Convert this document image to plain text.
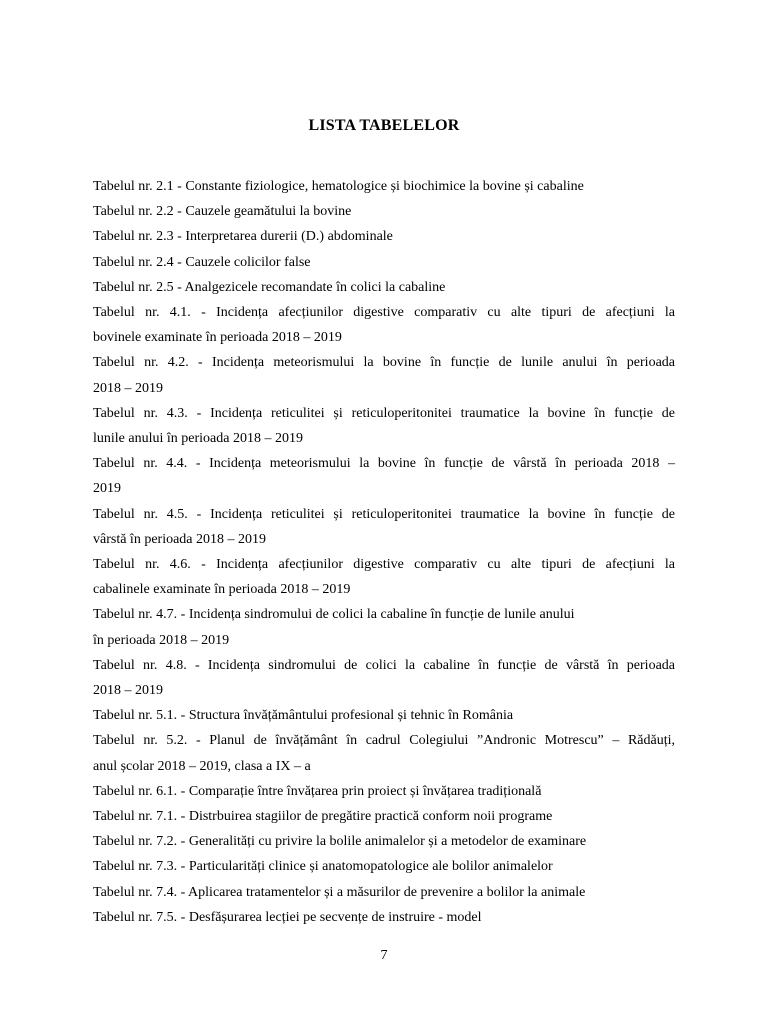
LISTA TABELELOR
Tabelul nr. 2.1 - Constante fiziologice, hematologice și biochimice la bovine și cabaline
Tabelul nr. 2.2 - Cauzele geamătului la bovine
Tabelul nr. 2.3 - Interpretarea durerii (D.) abdominale
Tabelul nr. 2.4 - Cauzele colicilor false
Tabelul nr. 2.5 - Analgezicele recomandate în colici la cabaline
Tabelul nr. 4.1. - Incidența afecțiunilor digestive comparativ cu alte tipuri de afecțiuni la
bovinele examinate în perioada 2018 – 2019
Tabelul nr. 4.2. - Incidența meteorismului la bovine în funcție de lunile anului în perioada
2018 – 2019
Tabelul nr. 4.3. - Incidența reticulitei și reticuloperitonitei traumatice la bovine în funcție de
lunile anului în perioada 2018 – 2019
Tabelul nr. 4.4. - Incidența meteorismului la bovine în funcție de vârstă în perioada 2018 –
2019
Tabelul nr. 4.5. - Incidența reticulitei și reticuloperitonitei traumatice la bovine în funcție de
vârstă în perioada 2018 – 2019
Tabelul nr. 4.6. - Incidența afecțiunilor digestive comparativ cu alte tipuri de afecțiuni la
cabalinele examinate în perioada 2018 – 2019
Tabelul nr. 4.7. - Incidența sindromului de colici la cabaline în funcție de lunile anului
în perioada 2018 – 2019
Tabelul nr. 4.8. - Incidența sindromului de colici la cabaline în funcție de vârstă în perioada
2018 – 2019
Tabelul nr. 5.1. - Structura învățământului profesional și tehnic în România
Tabelul nr. 5.2. - Planul de învățământ în cadrul Colegiului ”Andronic Motrescu” – Rădăuți,
anul școlar 2018 – 2019, clasa a IX – a
Tabelul nr. 6.1. - Comparație între învățarea prin proiect și învățarea tradițională
Tabelul nr. 7.1. - Distrbuirea stagiilor de pregătire practică conform noii programe
Tabelul nr. 7.2. - Generalități cu privire la bolile animalelor și a metodelor de examinare
Tabelul nr. 7.3. - Particularități clinice și anatomopatologice ale bolilor animalelor
Tabelul nr. 7.4. - Aplicarea tratamentelor și a măsurilor de prevenire a bolilor la animale
Tabelul nr. 7.5. - Desfășurarea lecției pe secvențe de instruire - model
7
